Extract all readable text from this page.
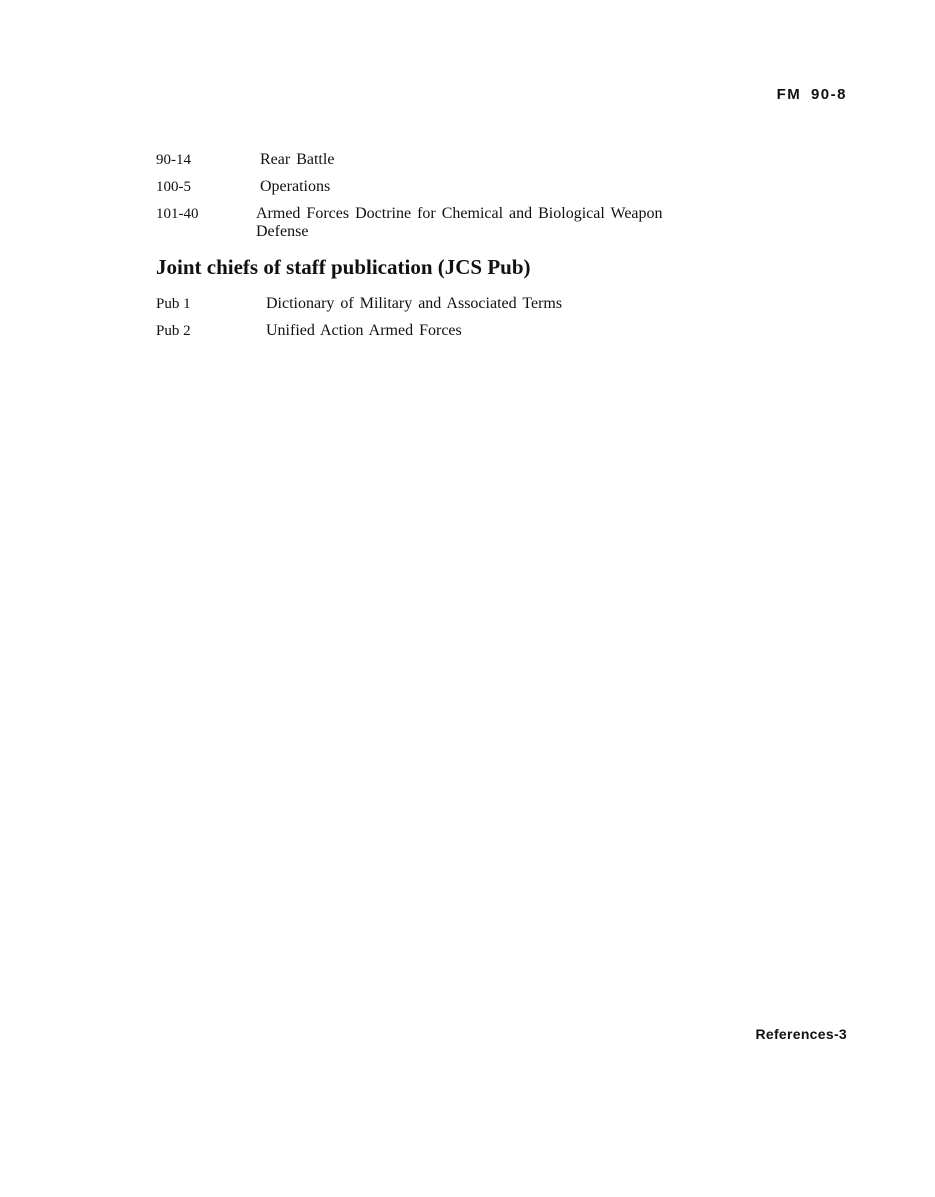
FM 90-8

90-14	Rear Battle
100-5	Operations
101-40	Armed Forces Doctrine for Chemical and Biological Weapon Defense
Joint chiefs of staff publication (JCS Pub)
Pub 1	Dictionary of Military and Associated Terms
Pub 2	Unified Action Armed Forces

References-3
